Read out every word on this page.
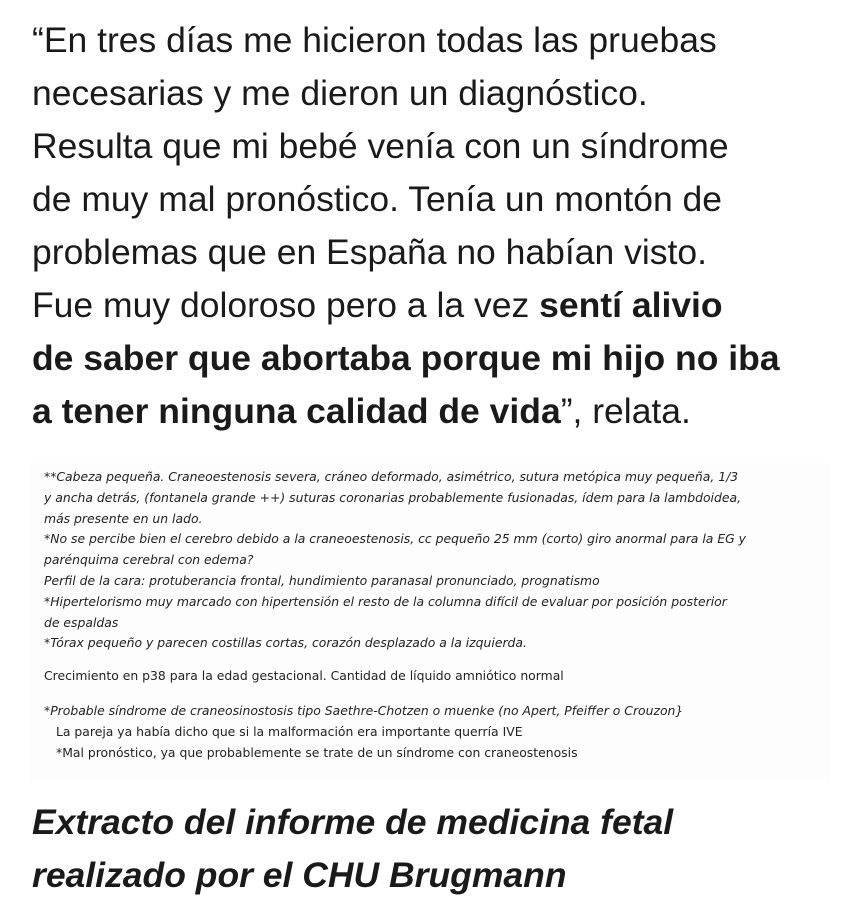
“En tres días me hicieron todas las pruebas
necesarias y me dieron un diagnóstico.
Resulta que mi bebé venía con un síndrome
de muy mal pronóstico. Tenía un montón de
problemas que en España no habían visto.
Fue muy doloroso pero a la vez sentí alivio
de saber que abortaba porque mi hijo no iba
a tener ninguna calidad de vida”, relata.

**Cabeza pequeña. Craneoestenosis severa, cráneo deformado, asimétrico, sutura metópica muy pequeña, 1/3

y ancha detrás, (fontanela grande ++) suturas coronarias probablemente fusionadas, ídem para la lambdoidea,

más presente en un lado.

*No se percibe bien el cerebro debido a la craneoestenosis, cc pequeño 25 mm (corto) giro anormal para la EG y

parénquima cerebral con edema?

Perfil de la cara: protuberancia frontal, hundimiento paranasal pronunciado, prognatismo

*Hipertelorismo muy marcado con hipertensión el resto de la columna difícil de evaluar por posición posterior

de espaldas

*Tórax pequeño y parecen costillas cortas, corazón desplazado a la izquierda.

Crecimiento en p38 para la edad gestacional. Cantidad de líquido amniótico normal

*Probable síndrome de craneosinostosis tipo Saethre-Chotzen o muenke (no Apert, Pfeiffer o Crouzon}

La pareja ya había dicho que si la malformación era importante querría IVE

*Mal pronóstico, ya que probablemente se trate de un síndrome con craneostenosis

Extracto del informe de medicina fetal
realizado por el CHU Brugmann
